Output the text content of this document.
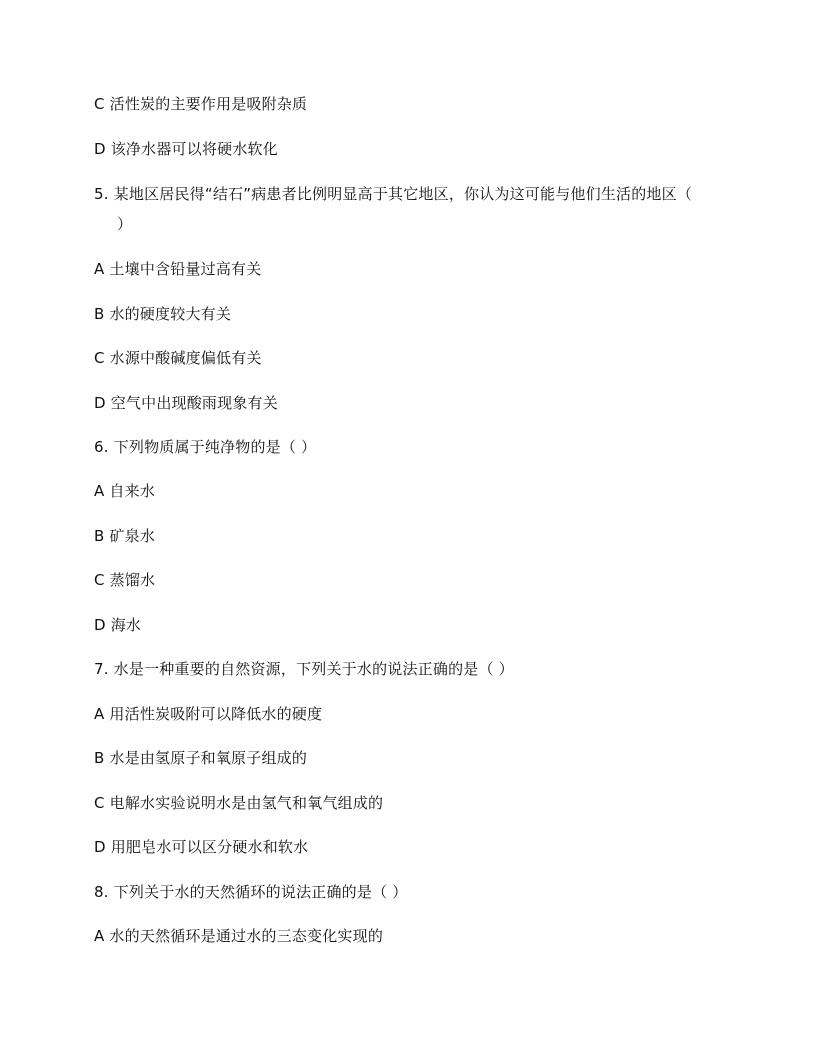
C 活性炭的主要作用是吸附杂质
D 该净水器可以将硬水软化
5. 某地区居民得“结石”病患者比例明显高于其它地区，你认为这可能与他们生活的地区（
）
A 土壤中含铅量过高有关
B 水的硬度较大有关
C 水源中酸碱度偏低有关
D 空气中出现酸雨现象有关
6. 下列物质属于纯净物的是（ ）
A 自来水
B 矿泉水
C 蒸馏水
D 海水
7. 水是一种重要的自然资源，下列关于水的说法正确的是（ ）
A 用活性炭吸附可以降低水的硬度
B 水是由氢原子和氧原子组成的
C 电解水实验说明水是由氢气和氧气组成的
D 用肥皂水可以区分硬水和软水
8. 下列关于水的天然循环的说法正确的是（ ）
A 水的天然循环是通过水的三态变化实现的
